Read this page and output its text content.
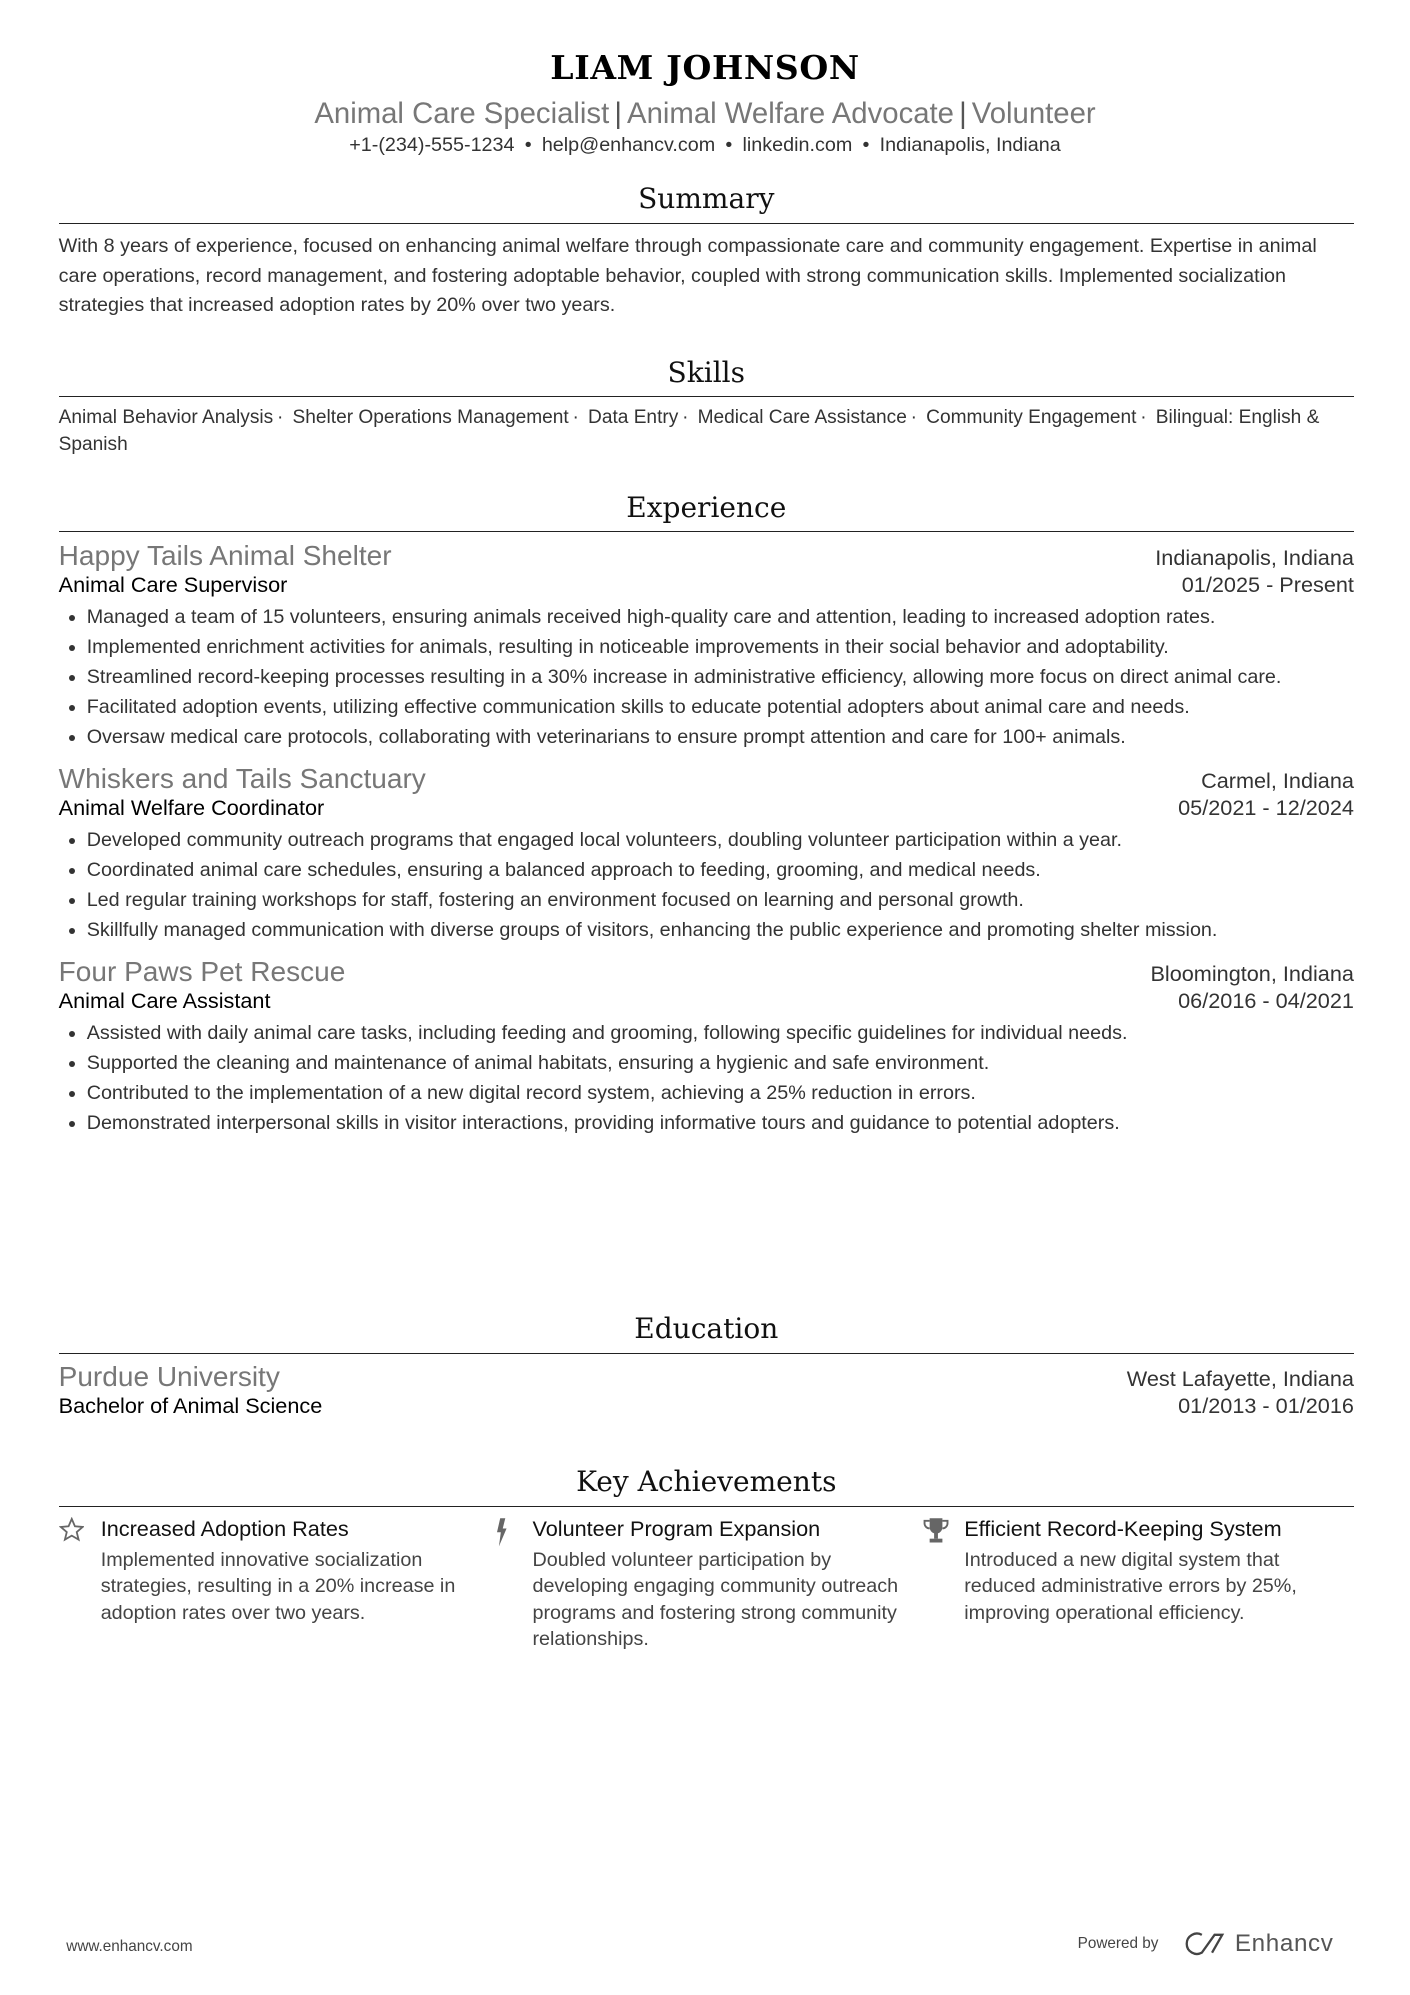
LIAM JOHNSON
Animal Care Specialist | Animal Welfare Advocate | Volunteer
+1-(234)-555-1234 • help@enhancv.com • linkedin.com • Indianapolis, Indiana
Summary
With 8 years of experience, focused on enhancing animal welfare through compassionate care and community engagement. Expertise in animal care operations, record management, and fostering adoptable behavior, coupled with strong communication skills. Implemented socialization strategies that increased adoption rates by 20% over two years.
Skills
Animal Behavior Analysis · Shelter Operations Management · Data Entry · Medical Care Assistance · Community Engagement · Bilingual: English & Spanish
Experience
Happy Tails Animal Shelter	Indianapolis, Indiana
Animal Care Supervisor	01/2025 - Present
• Managed a team of 15 volunteers, ensuring animals received high-quality care and attention, leading to increased adoption rates.
• Implemented enrichment activities for animals, resulting in noticeable improvements in their social behavior and adoptability.
• Streamlined record-keeping processes resulting in a 30% increase in administrative efficiency, allowing more focus on direct animal care.
• Facilitated adoption events, utilizing effective communication skills to educate potential adopters about animal care and needs.
• Oversaw medical care protocols, collaborating with veterinarians to ensure prompt attention and care for 100+ animals.
Whiskers and Tails Sanctuary	Carmel, Indiana
Animal Welfare Coordinator	05/2021 - 12/2024
• Developed community outreach programs that engaged local volunteers, doubling volunteer participation within a year.
• Coordinated animal care schedules, ensuring a balanced approach to feeding, grooming, and medical needs.
• Led regular training workshops for staff, fostering an environment focused on learning and personal growth.
• Skillfully managed communication with diverse groups of visitors, enhancing the public experience and promoting shelter mission.
Four Paws Pet Rescue	Bloomington, Indiana
Animal Care Assistant	06/2016 - 04/2021
• Assisted with daily animal care tasks, including feeding and grooming, following specific guidelines for individual needs.
• Supported the cleaning and maintenance of animal habitats, ensuring a hygienic and safe environment.
• Contributed to the implementation of a new digital record system, achieving a 25% reduction in errors.
• Demonstrated interpersonal skills in visitor interactions, providing informative tours and guidance to potential adopters.
Education
Purdue University	West Lafayette, Indiana
Bachelor of Animal Science	01/2013 - 01/2016
Key Achievements
Increased Adoption Rates
Implemented innovative socialization strategies, resulting in a 20% increase in adoption rates over two years.
Volunteer Program Expansion
Doubled volunteer participation by developing engaging community outreach programs and fostering strong community relationships.
Efficient Record-Keeping System
Introduced a new digital system that reduced administrative errors by 25%, improving operational efficiency.
www.enhancv.com	Powered by	Enhancv
